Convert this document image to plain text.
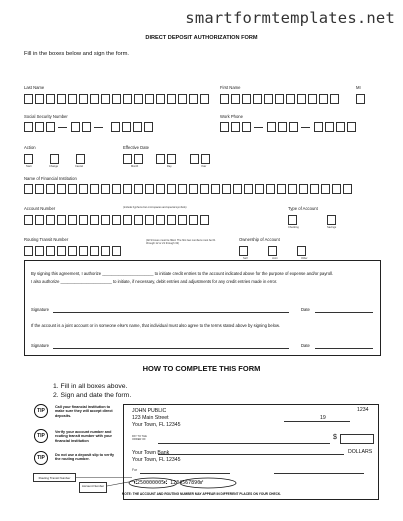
smartformtemplates.net
DIRECT DEPOSIT AUTHORIZATION FORM
Fill in the boxes below and sign the form.
Last Name	First Name	MI
Social Security Number	Work Phone
Action	Effective Date
Start	Change	Cancel	Month	Day	Year
Name of Financial Institution
Account Number	(include hyphens but omit spaces and special symbols)	Type of Account
Checking	Savings
Routing Transit Number	(All 9 boxes must be filled. The first two numbers must be 01 through 12 or 21 through 32)
Ownership of Account
Self	Joint	Other
By signing this agreement, I authorize ______________________ to initiate credit entries to the account indicated above for the purpose of expense and/or payroll.
I also authorize ______________________ to initiate, if necessary, debit entries and adjustments for any credit entries made in error.
Signature	Date
If the account is a joint account or in someone else's name, that individual must also agree to the terms stated above by signing below.
Signature	Date
HOW TO COMPLETE THIS FORM
1. Fill in all boxes above.
2. Sign and date the form.
TIP
Call your financial institution to
make sure they will accept direct
deposits.
TIP
Verify your account number and
routing transit number with your
financial institution
TIP	Do not use a deposit slip to verify
the routing number.
Routing Transit Number
Account Number
JOHN PUBLIC
123 Main Street
Your Town, FL 12345
1234
19
PAY TO THE ORDER OF	$
DOLLARS
Your Town Bank
Your Town, FL 12345
For
⑆250000005⑆ 1234567890⑈
NOTE: THE ACCOUNT AND ROUTING NUMBER MAY APPEAR IN DIFFERENT PLACES ON YOUR CHECK.
